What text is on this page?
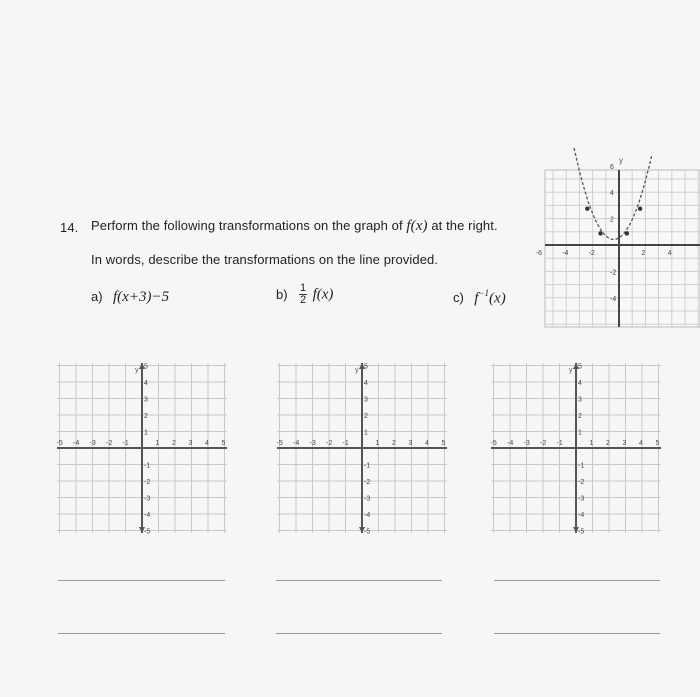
14. Perform the following transformations on the graph of f(x) at the right.
In words, describe the transformations on the line provided.
a) f(x+3)−5	$b) \frac{1}{2} f(x)$	c) $f^{-1}(x)$
y
-6	-4	-2	2	4
6
4
2
-2
-4
y
-5 -4 -3 -2 -1	1 2 3 4 5
5
4
3
2
1
-1
-2
-3
-4
-5
y
-5 -4 -3 -2 -1	1 2 3 4 5
5
4
3
2
1
-1
-2
-3
-4
-5
y
-5 -4 -3 -2 -1	1 2 3 4 5
5
4
3
2
1
-1
-2
-3
-4
-5
